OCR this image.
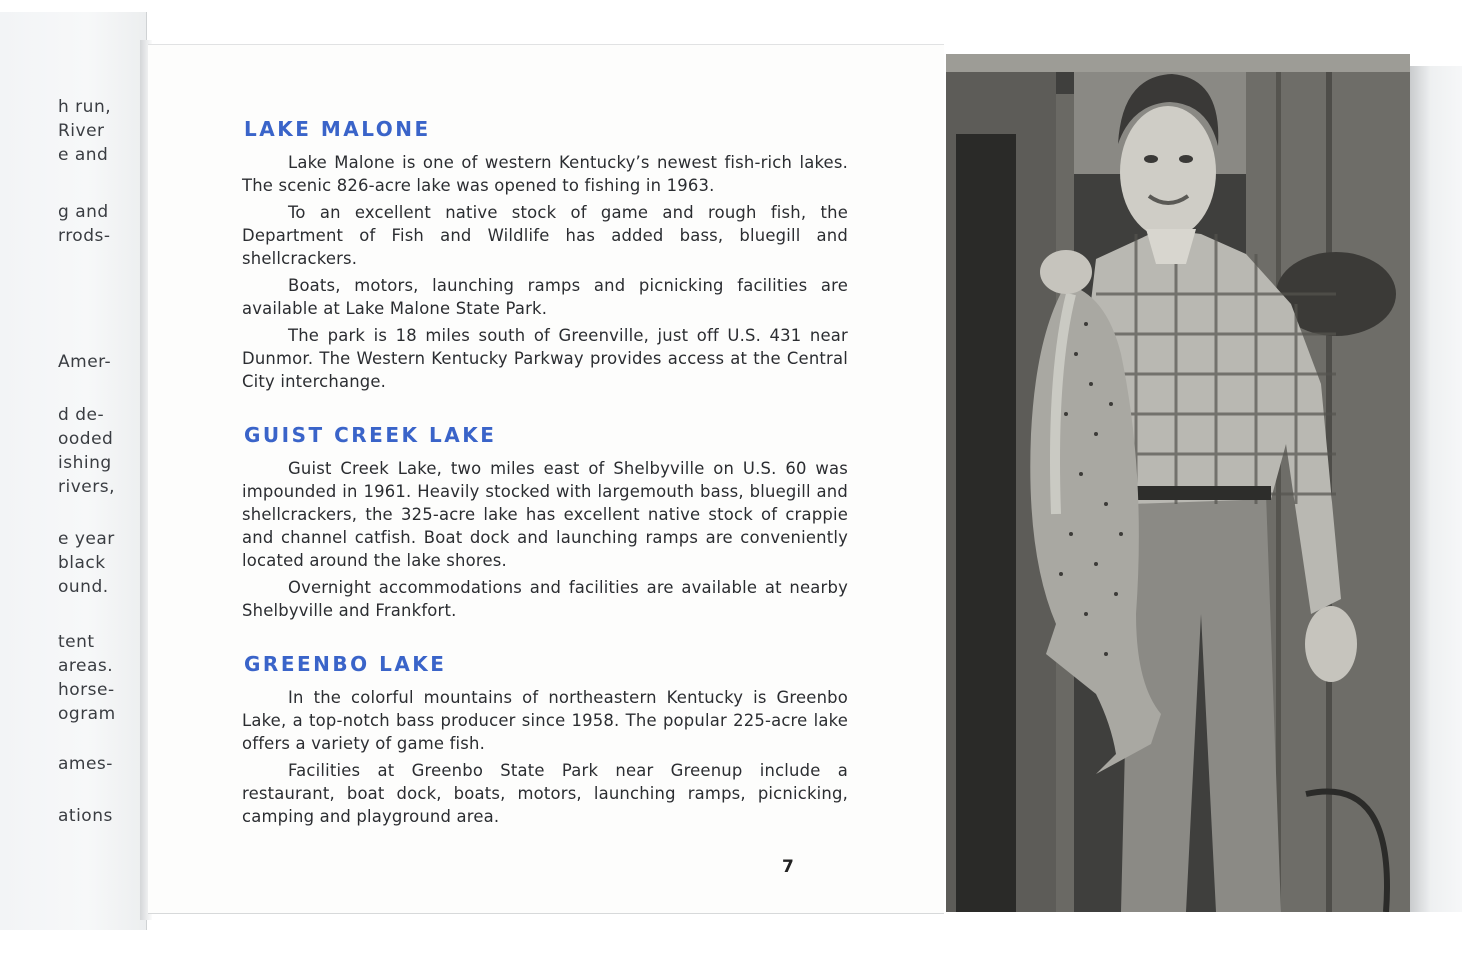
h run,
River
e and
g and
rrods-
Amer-
d de-
ooded
ishing
rivers,
e year
black
ound.
tent
areas.
horse-
ogram
ames-
ations
LAKE MALONE

Lake Malone is one of western Kentucky’s newest fish-rich lakes. The scenic 826-acre lake was opened to fishing in 1963.

To an excellent native stock of game and rough fish, the Department of Fish and Wildlife has added bass, bluegill and shellcrackers.

Boats, motors, launching ramps and picnicking facilities are available at Lake Malone State Park.

The park is 18 miles south of Greenville, just off U.S. 431 near Dunmor. The Western Kentucky Parkway provides access at the Central City interchange.

GUIST CREEK LAKE

Guist Creek Lake, two miles east of Shelbyville on U.S. 60 was impounded in 1961. Heavily stocked with largemouth bass, bluegill and shellcrackers, the 325-acre lake has excellent native stock of crappie and channel catfish. Boat dock and launching ramps are conveniently located around the lake shores.

Overnight accommodations and facilities are available at nearby Shelbyville and Frankfort.

GREENBO LAKE

In the colorful mountains of northeastern Kentucky is Greenbo Lake, a top-notch bass producer since 1958. The popular 225-acre lake offers a variety of game fish.

Facilities at Greenbo State Park near Greenup include a restaurant, boat dock, boats, motors, launching ramps, picnicking, camping and playground area.

7
